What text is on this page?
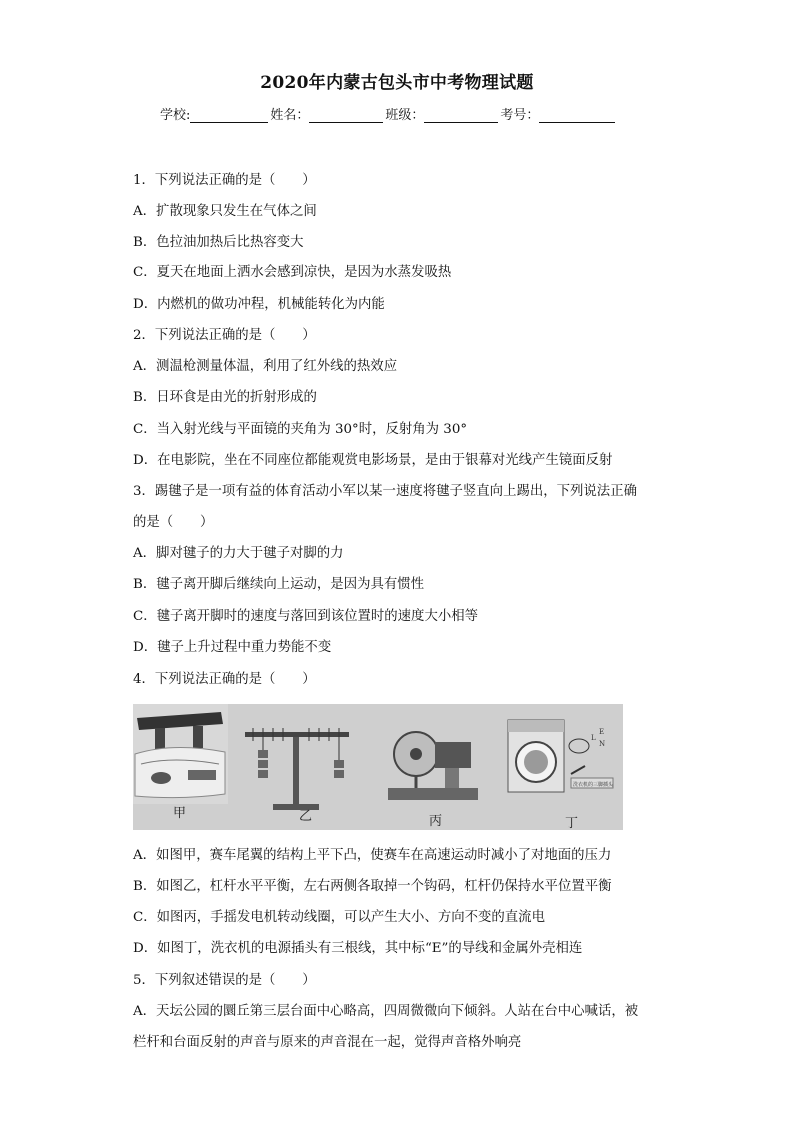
2020年内蒙古包头市中考物理试题
学校:	姓名：	班级：	考号：
1．下列说法正确的是（　　）
A．扩散现象只发生在气体之间
B．色拉油加热后比热容变大
C．夏天在地面上洒水会感到凉快，是因为水蒸发吸热
D．内燃机的做功冲程，机械能转化为内能
2．下列说法正确的是（　　）
A．测温枪测量体温，利用了红外线的热效应
B．日环食是由光的折射形成的
C．当入射光线与平面镜的夹角为 30°时，反射角为 30°
D．在电影院，坐在不同座位都能观赏电影场景，是由于银幕对光线产生镜面反射
3．踢毽子是一项有益的体育活动小军以某一速度将毽子竖直向上踢出，下列说法正确
的是（　　）
A．脚对毽子的力大于毽子对脚的力
B．毽子离开脚后继续向上运动，是因为具有惯性
C．毽子离开脚时的速度与落回到该位置时的速度大小相等
D．毽子上升过程中重力势能不变
4．下列说法正确的是（　　）
甲	乙	丙	丁
L
E
N
洗衣机的三脚插头
A．如图甲，赛车尾翼的结构上平下凸，使赛车在高速运动时减小了对地面的压力
B．如图乙，杠杆水平平衡，左右两侧各取掉一个钩码，杠杆仍保持水平位置平衡
C．如图丙，手摇发电机转动线圈，可以产生大小、方向不变的直流电
D．如图丁，洗衣机的电源插头有三根线，其中标“E”的导线和金属外壳相连
5．下列叙述错误的是（　　）
A．天坛公园的圜丘第三层台面中心略高，四周微微向下倾斜。人站在台中心喊话，被
栏杆和台面反射的声音与原来的声音混在一起，觉得声音格外响亮
